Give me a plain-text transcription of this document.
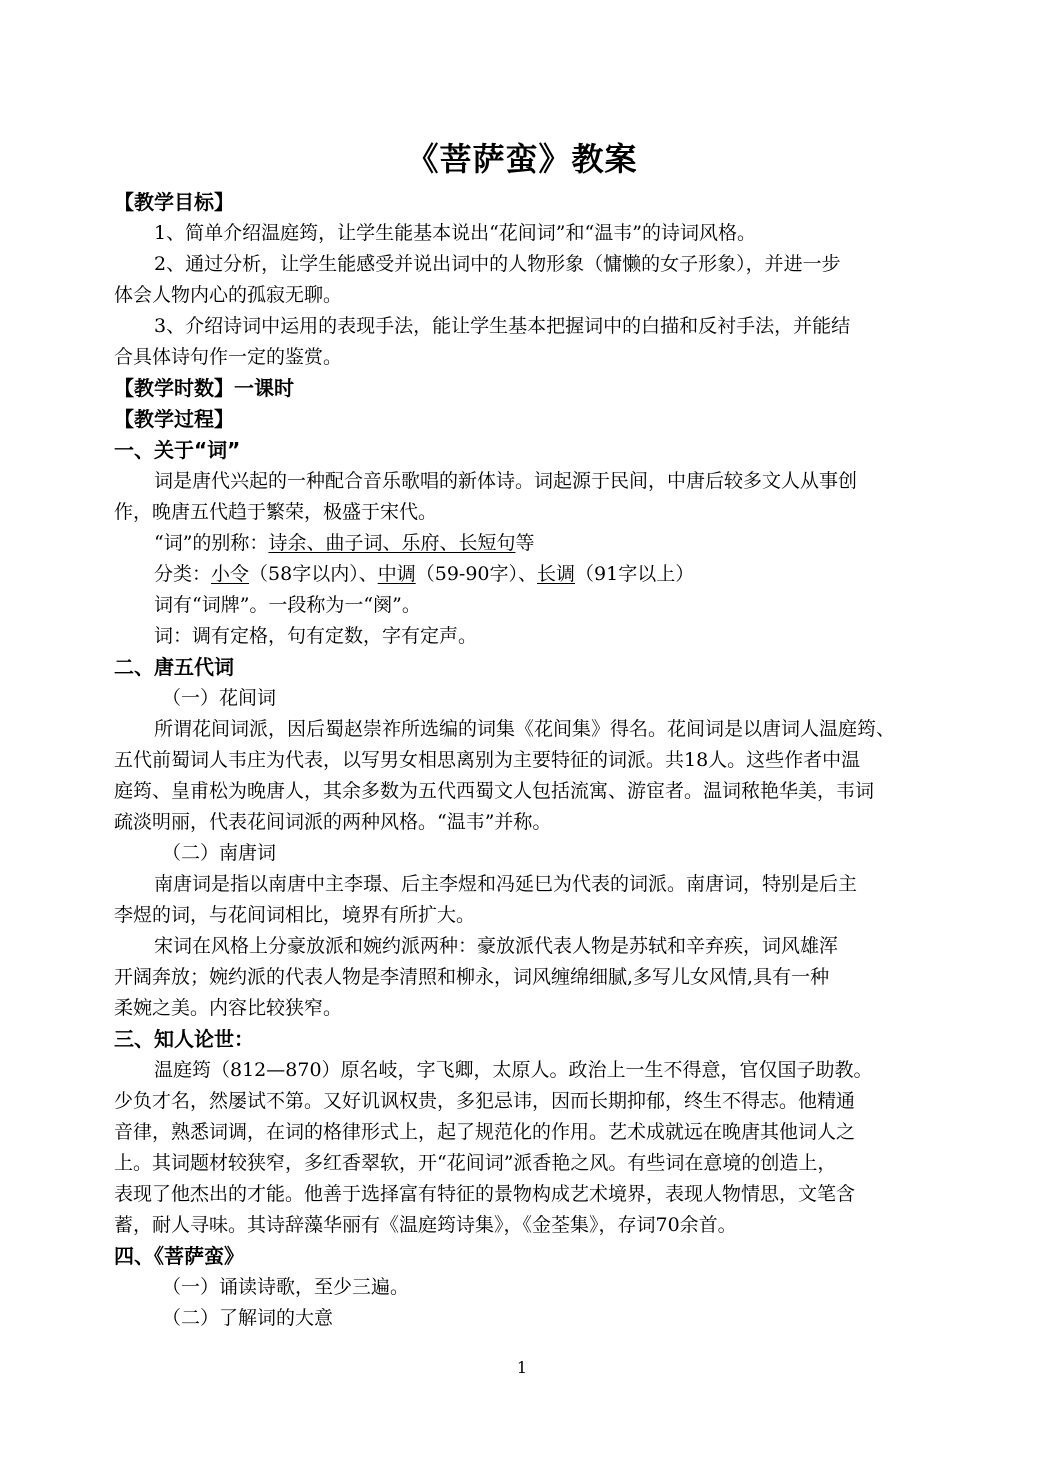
《菩萨蛮》教案
【教学目标】
1、简单介绍温庭筠，让学生能基本说出“花间词”和“温韦”的诗词风格。
2、通过分析，让学生能感受并说出词中的人物形象（慵懒的女子形象），并进一步
体会人物内心的孤寂无聊。
3、介绍诗词中运用的表现手法，能让学生基本把握词中的白描和反衬手法，并能结
合具体诗句作一定的鉴赏。
【教学时数】一课时
【教学过程】
一、关于“词”
词是唐代兴起的一种配合音乐歌唱的新体诗。词起源于民间，中唐后较多文人从事创
作，晚唐五代趋于繁荣，极盛于宋代。
“词”的别称：诗余、曲子词、乐府、长短句等
分类：小令（58字以内）、中调（59-90字）、长调（91字以上）
词有“词牌”。一段称为一“阕”。
词：调有定格，句有定数，字有定声。
二、唐五代词
（一）花间词
所谓花间词派，因后蜀赵崇祚所选编的词集《花间集》得名。花间词是以唐词人温庭筠、
五代前蜀词人韦庄为代表，以写男女相思离别为主要特征的词派。共18人。这些作者中温
庭筠、皇甫松为晚唐人，其余多数为五代西蜀文人包括流寓、游宦者。温词秾艳华美，韦词
疏淡明丽，代表花间词派的两种风格。“温韦”并称。
（二）南唐词
南唐词是指以南唐中主李璟、后主李煜和冯延巳为代表的词派。南唐词，特别是后主
李煜的词，与花间词相比，境界有所扩大。
宋词在风格上分豪放派和婉约派两种：豪放派代表人物是苏轼和辛弃疾，词风雄浑
开阔奔放；婉约派的代表人物是李清照和柳永，词风缠绵细腻,多写儿女风情,具有一种
柔婉之美。内容比较狭窄。
三、知人论世：
温庭筠（812—870）原名岐，字飞卿，太原人。政治上一生不得意，官仅国子助教。
少负才名，然屡试不第。又好讥讽权贵，多犯忌讳，因而长期抑郁，终生不得志。他精通
音律，熟悉词调，在词的格律形式上，起了规范化的作用。艺术成就远在晚唐其他词人之
上。其词题材较狭窄，多红香翠软，开“花间词”派香艳之风。有些词在意境的创造上，
表现了他杰出的才能。他善于选择富有特征的景物构成艺术境界，表现人物情思，文笔含
蓄，耐人寻味。其诗辞藻华丽有《温庭筠诗集》，《金荃集》，存词70余首。
四、《菩萨蛮》
（一）诵读诗歌，至少三遍。
（二）了解词的大意
1
